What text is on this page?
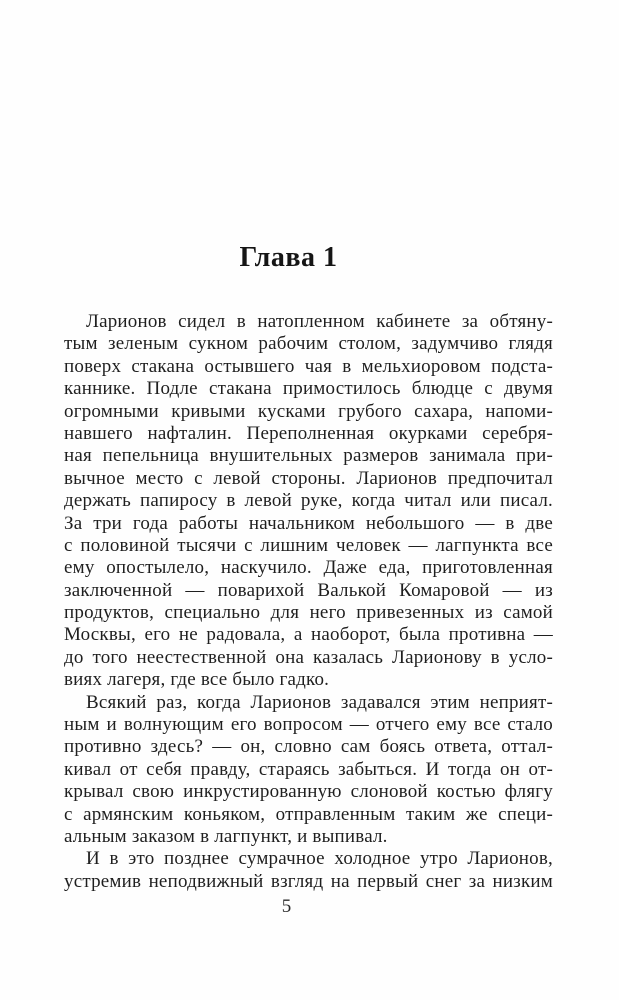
Глава 1
Ларионов сидел в натопленном кабинете за обтяну-
тым зеленым сукном рабочим столом, задумчиво глядя
поверх стакана остывшего чая в мельхиоровом подста-
каннике. Подле стакана примостилось блюдце с двумя
огромными кривыми кусками грубого сахара, напоми-
навшего нафталин. Переполненная окурками серебря-
ная пепельница внушительных размеров занимала при-
вычное место с левой стороны. Ларионов предпочитал
держать папиросу в левой руке, когда читал или писал.
За три года работы начальником небольшого — в две
с половиной тысячи с лишним человек — лагпункта все
ему опостылело, наскучило. Даже еда, приготовленная
заключенной — поварихой Валькой Комаровой — из
продуктов, специально для него привезенных из самой
Москвы, его не радовала, а наоборот, была противна —
до того неестественной она казалась Ларионову в усло-
виях лагеря, где все было гадко.
Всякий раз, когда Ларионов задавался этим неприят-
ным и волнующим его вопросом — отчего ему все стало
противно здесь? — он, словно сам боясь ответа, оттал-
кивал от себя правду, стараясь забыться. И тогда он от-
крывал свою инкрустированную слоновой костью флягу
с армянским коньяком, отправленным таким же специ-
альным заказом в лагпункт, и выпивал.
И в это позднее сумрачное холодное утро Ларионов,
устремив неподвижный взгляд на первый снег за низким
5
